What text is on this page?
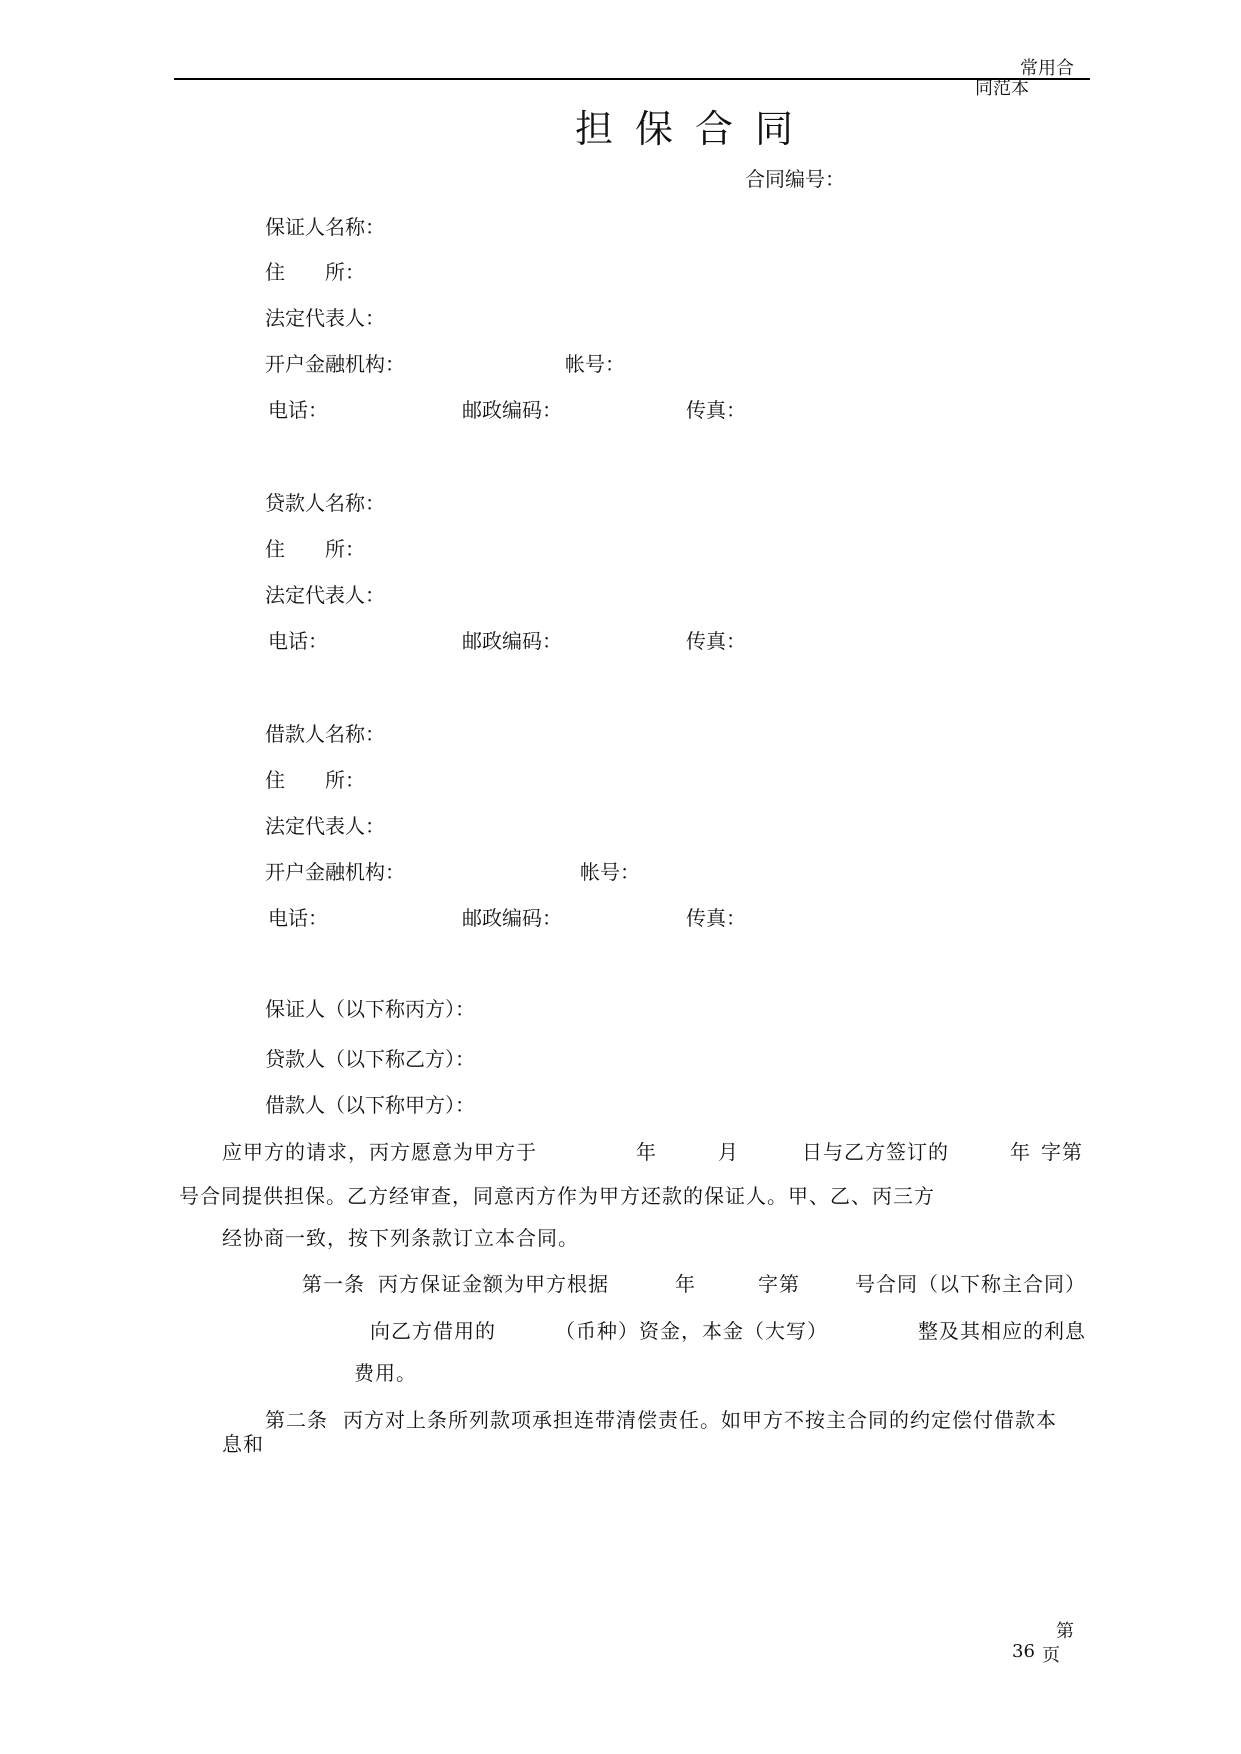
常用合
同范本
担保合同
合同编号：
保证人名称：
住　　所：
法定代表人：
开户金融机构：	帐号：
电话：	邮政编码：	传真：
贷款人名称：
住　　所：
法定代表人：
电话：	邮政编码：	传真：
借款人名称：
住　　所：
法定代表人：
开户金融机构：	帐号：
电话：	邮政编码：	传真：
保证人（以下称丙方）：
贷款人（以下称乙方）：
借款人（以下称甲方）：
应甲方的请求，丙方愿意为甲方于	年	月	日与乙方签订的	年 字第
号合同提供担保。乙方经审查，同意丙方作为甲方还款的保证人。甲、乙、丙三方
经协商一致，按下列条款订立本合同。
第一条 丙方保证金额为甲方根据	年	字第	号合同（以下称主合同）
向乙方借用的	（币种）资金，本金（大写）	整及其相应的利息
费用。
第二条 丙方对上条所列款项承担连带清偿责任。如甲方不按主合同的约定偿付借款本
息和
第
36 页
